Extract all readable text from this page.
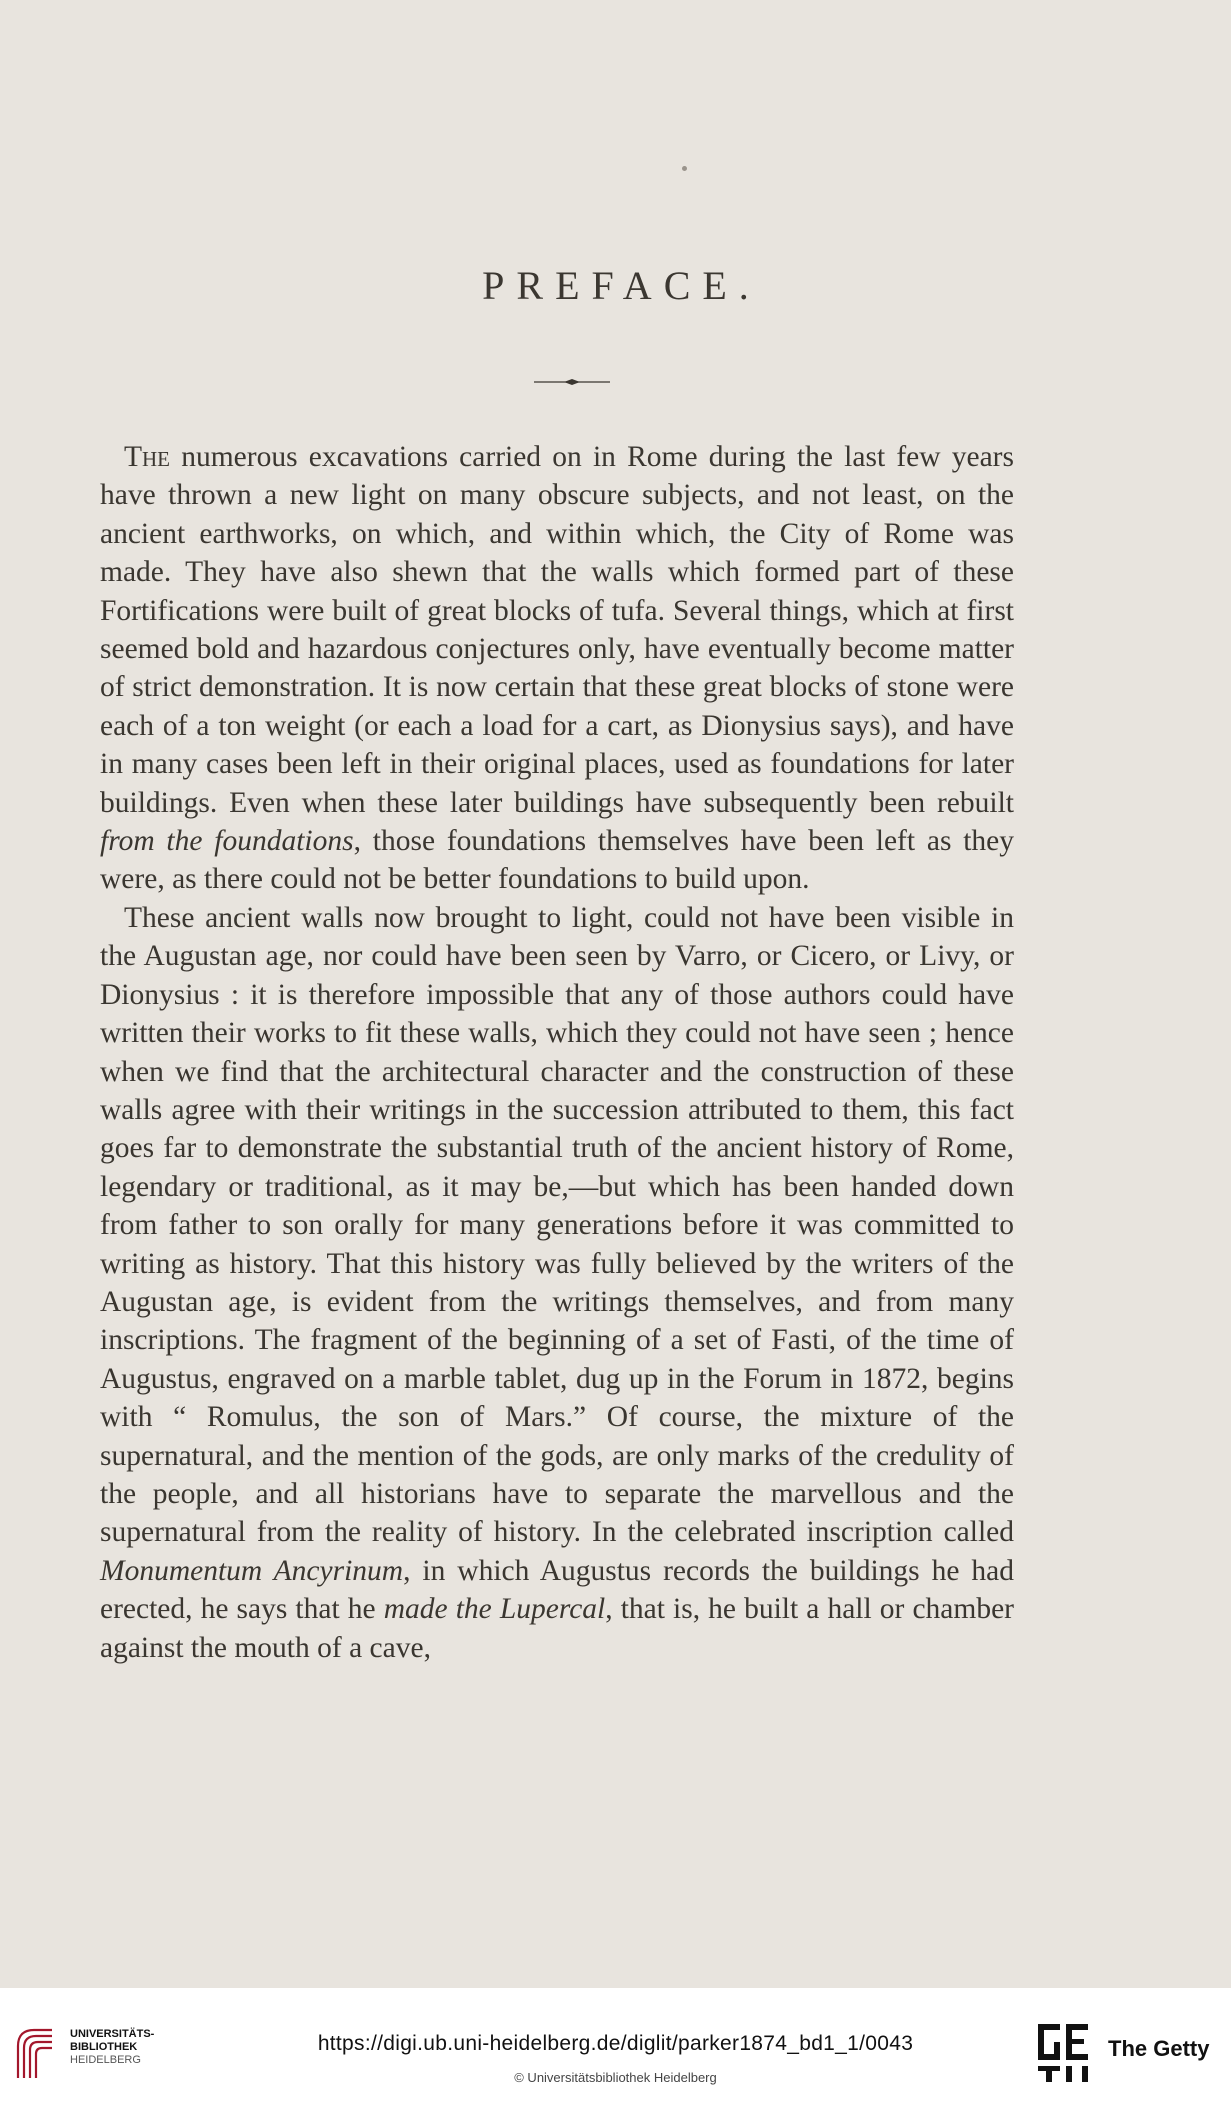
PREFACE.

The numerous excavations carried on in Rome during the last few years have thrown a new light on many obscure subjects, and not least, on the ancient earthworks, on which, and within which, the City of Rome was made. They have also shewn that the walls which formed part of these Fortifications were built of great blocks of tufa. Several things, which at first seemed bold and hazardous conjectures only, have eventually become matter of strict demonstration. It is now certain that these great blocks of stone were each of a ton weight (or each a load for a cart, as Dionysius says), and have in many cases been left in their original places, used as foundations for later buildings. Even when these later buildings have subsequently been rebuilt from the foundations, those foundations themselves have been left as they were, as there could not be better foundations to build upon.

These ancient walls now brought to light, could not have been visible in the Augustan age, nor could have been seen by Varro, or Cicero, or Livy, or Dionysius : it is therefore impossible that any of those authors could have written their works to fit these walls, which they could not have seen ; hence when we find that the architectural character and the construction of these walls agree with their writings in the succession attributed to them, this fact goes far to demonstrate the substantial truth of the ancient history of Rome, legendary or traditional, as it may be,—but which has been handed down from father to son orally for many generations before it was committed to writing as history. That this history was fully believed by the writers of the Augustan age, is evident from the writings themselves, and from many inscriptions. The fragment of the beginning of a set of Fasti, of the time of Augustus, engraved on a marble tablet, dug up in the Forum in 1872, begins with “ Romulus, the son of Mars.” Of course, the mixture of the supernatural, and the mention of the gods, are only marks of the credulity of the people, and all historians have to separate the marvellous and the supernatural from the reality of history. In the celebrated inscription called Monumentum Ancyrinum, in which Augustus records the buildings he had erected, he says that he made the Lupercal, that is, he built a hall or chamber against the mouth of a cave,

UNIVERSITÄTS-
BIBLIOTHEK
HEIDELBERG
https://digi.ub.uni-heidelberg.de/diglit/parker1874_bd1_1/0043
© Universitätsbibliothek Heidelberg
The Getty
